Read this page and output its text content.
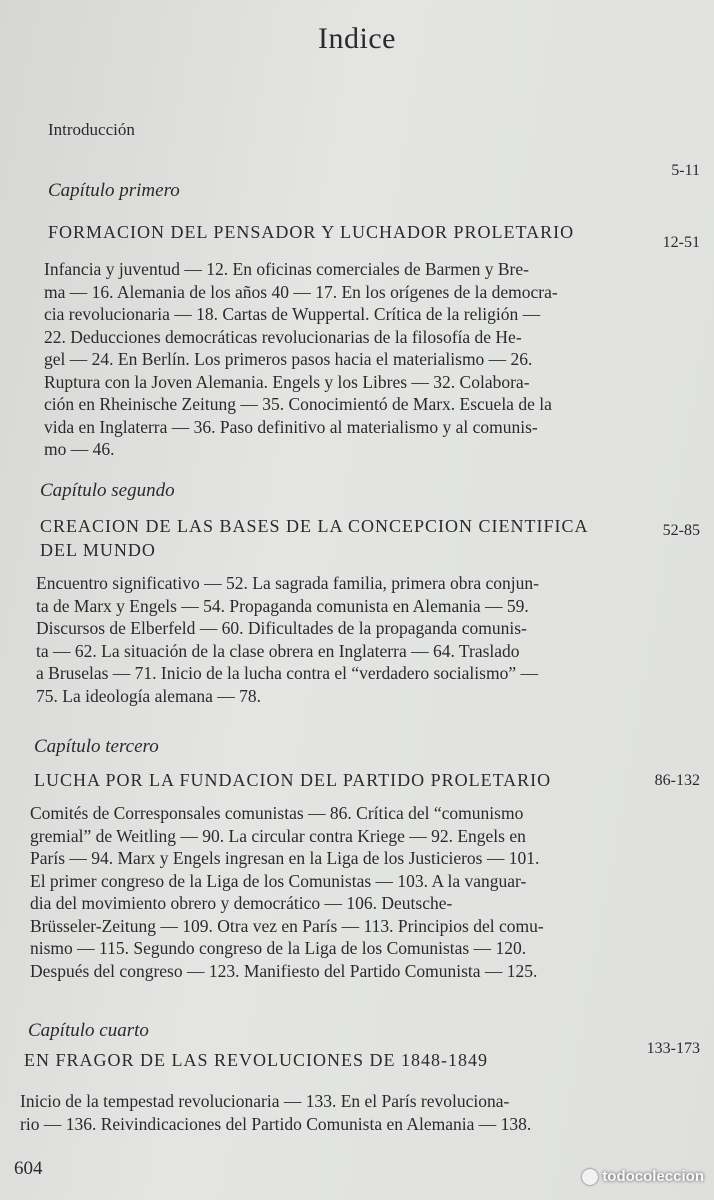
Indice
Introducción
5-11
Capítulo primero
FORMACION DEL PENSADOR Y LUCHADOR PROLETARIO
12-51
Infancia y juventud — 12. En oficinas comerciales de Barmen y Bre-
ma — 16. Alemania de los años 40 — 17. En los orígenes de la democra-
cia revolucionaria — 18. Cartas de Wuppertal. Crítica de la religión —
22. Deducciones democráticas revolucionarias de la filosofía de He-
gel — 24. En Berlín. Los primeros pasos hacia el materialismo — 26.
Ruptura con la Joven Alemania. Engels y los Libres — 32. Colabora-
ción en Rheinische Zeitung — 35. Conocimientó de Marx. Escuela de la
vida en Inglaterra — 36. Paso definitivo al materialismo y al comunis-
mo — 46.
Capítulo segundo
CREACION DE LAS BASES DE LA CONCEPCION CIENTIFICA
DEL MUNDO
52-85
Encuentro significativo — 52. La sagrada familia, primera obra conjun-
ta de Marx y Engels — 54. Propaganda comunista en Alemania — 59.
Discursos de Elberfeld — 60. Dificultades de la propaganda comunis-
ta — 62. La situación de la clase obrera en Inglaterra — 64. Traslado
a Bruselas — 71. Inicio de la lucha contra el “verdadero socialismo” —
75. La ideología alemana — 78.
Capítulo tercero
LUCHA POR LA FUNDACION DEL PARTIDO PROLETARIO	86-132
Comités de Corresponsales comunistas — 86. Crítica del “comunismo
gremial” de Weitling — 90. La circular contra Kriege — 92. Engels en
París — 94. Marx y Engels ingresan en la Liga de los Justicieros — 101.
El primer congreso de la Liga de los Comunistas — 103. A la vanguar-
dia del movimiento obrero y democrático — 106. Deutsche-
Brüsseler-Zeitung — 109. Otra vez en París — 113. Principios del comu-
nismo — 115. Segundo congreso de la Liga de los Comunistas — 120.
Después del congreso — 123. Manifiesto del Partido Comunista — 125.
Capítulo cuarto
EN FRAGOR DE LAS REVOLUCIONES DE 1848-1849
133-173
Inicio de la tempestad revolucionaria — 133. En el París revoluciona-
rio — 136. Reivindicaciones del Partido Comunista en Alemania — 138.
604	todocoleccion
